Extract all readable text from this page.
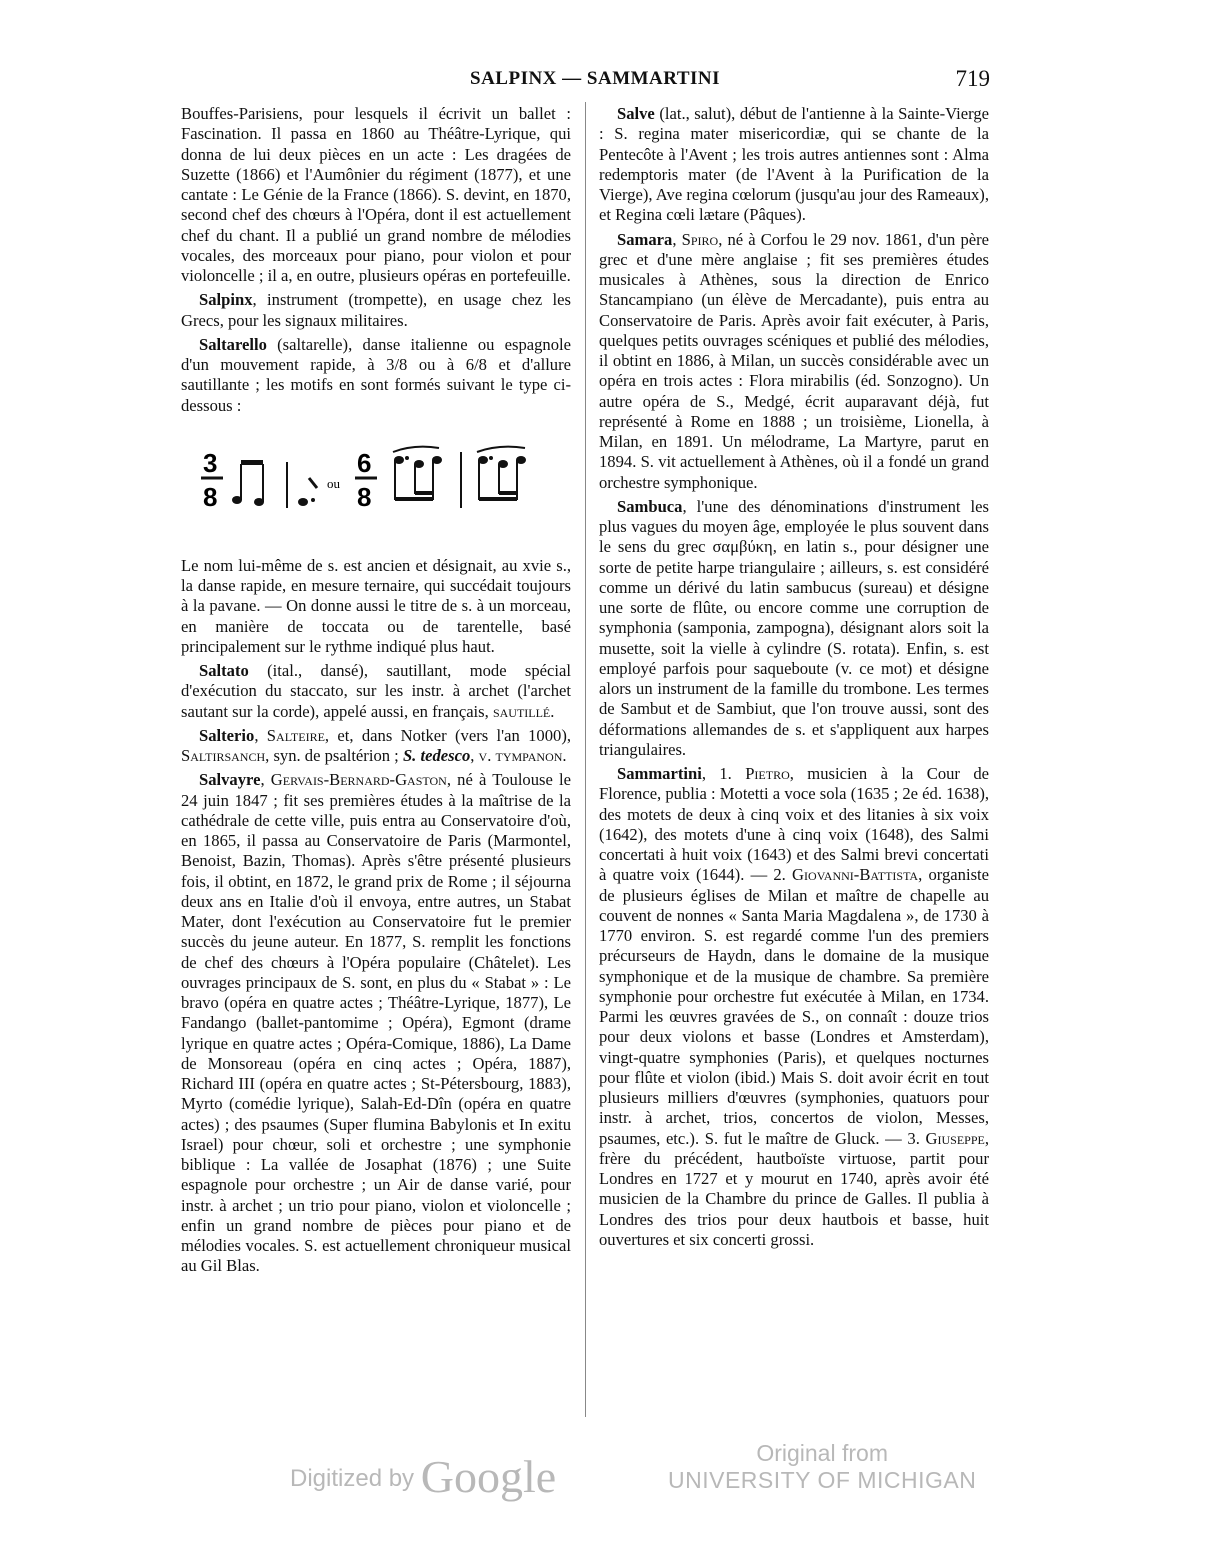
SALPINX — SAMMARTINI	719

Bouffes-Parisiens, pour lesquels il écrivit un ballet : Fascination. Il passa en 1860 au Théâtre-Lyrique, qui donna de lui deux pièces en un acte : Les dragées de Suzette (1866) et l'Aumônier du régiment (1877), et une cantate : Le Génie de la France (1866). S. devint, en 1870, second chef des chœurs à l'Opéra, dont il est actuellement chef du chant. Il a publié un grand nombre de mélodies vocales, des morceaux pour piano, pour violon et pour violoncelle ; il a, en outre, plusieurs opéras en portefeuille.

Salpinx, instrument (trompette), en usage chez les Grecs, pour les signaux militaires.

Saltarello (saltarelle), danse italienne ou espagnole d'un mouvement rapide, à 3/8 ou à 6/8 et d'allure sautillante ; les motifs en sont formés suivant le type ci-dessous :

3
8	ou
6
8

Le nom lui-même de s. est ancien et désignait, au xvie s., la danse rapide, en mesure ternaire, qui succédait toujours à la pavane. — On donne aussi le titre de s. à un morceau, en manière de toccata ou de tarentelle, basé principalement sur le rythme indiqué plus haut.

Saltato (ital., dansé), sautillant, mode spécial d'exécution du staccato, sur les instr. à archet (l'archet sautant sur la corde), appelé aussi, en français, sautillé.

Salterio, Salteire, et, dans Notker (vers l'an 1000), Saltirsanch, syn. de psaltérion ; S. tedesco, v. tympanon.

Salvayre, Gervais-Bernard-Gaston, né à Toulouse le 24 juin 1847 ; fit ses premières études à la maîtrise de la cathédrale de cette ville, puis entra au Conservatoire d'où, en 1865, il passa au Conservatoire de Paris (Marmontel, Benoist, Bazin, Thomas). Après s'être présenté plusieurs fois, il obtint, en 1872, le grand prix de Rome ; il séjourna deux ans en Italie d'où il envoya, entre autres, un Stabat Mater, dont l'exécution au Conservatoire fut le premier succès du jeune auteur. En 1877, S. remplit les fonctions de chef des chœurs à l'Opéra populaire (Châtelet). Les ouvrages principaux de S. sont, en plus du « Stabat » : Le bravo (opéra en quatre actes ; Théâtre-Lyrique, 1877), Le Fandango (ballet-pantomime ; Opéra), Egmont (drame lyrique en quatre actes ; Opéra-Comique, 1886), La Dame de Monsoreau (opéra en cinq actes ; Opéra, 1887), Richard III (opéra en quatre actes ; St-Pétersbourg, 1883), Myrto (comédie lyrique), Salah-Ed-Dîn (opéra en quatre actes) ; des psaumes (Super flumina Babylonis et In exitu Israel) pour chœur, soli et orchestre ; une symphonie biblique : La vallée de Josaphat (1876) ; une Suite espagnole pour orchestre ; un Air de danse varié, pour instr. à archet ; un trio pour piano, violon et violoncelle ; enfin un grand nombre de pièces pour piano et de mélodies vocales. S. est actuellement chroniqueur musical au Gil Blas.

Salve (lat., salut), début de l'antienne à la Sainte-Vierge : S. regina mater misericordiæ, qui se chante de la Pentecôte à l'Avent ; les trois autres antiennes sont : Alma redemptoris mater (de l'Avent à la Purification de la Vierge), Ave regina cœlorum (jusqu'au jour des Rameaux), et Regina cœli lætare (Pâques).

Samara, Spiro, né à Corfou le 29 nov. 1861, d'un père grec et d'une mère anglaise ; fit ses premières études musicales à Athènes, sous la direction de Enrico Stancampiano (un élève de Mercadante), puis entra au Conservatoire de Paris. Après avoir fait exécuter, à Paris, quelques petits ouvrages scéniques et publié des mélodies, il obtint en 1886, à Milan, un succès considérable avec un opéra en trois actes : Flora mirabilis (éd. Sonzogno). Un autre opéra de S., Medgé, écrit auparavant déjà, fut représenté à Rome en 1888 ; un troisième, Lionella, à Milan, en 1891. Un mélodrame, La Martyre, parut en 1894. S. vit actuellement à Athènes, où il a fondé un grand orchestre symphonique.

Sambuca, l'une des dénominations d'instrument les plus vagues du moyen âge, employée le plus souvent dans le sens du grec σαμβύκη, en latin s., pour désigner une sorte de petite harpe triangulaire ; ailleurs, s. est considéré comme un dérivé du latin sambucus (sureau) et désigne une sorte de flûte, ou encore comme une corruption de symphonia (samponia, zampogna), désignant alors soit la musette, soit la vielle à cylindre (S. rotata). Enfin, s. est employé parfois pour saqueboute (v. ce mot) et désigne alors un instrument de la famille du trombone. Les termes de Sambut et de Sambiut, que l'on trouve aussi, sont des déformations allemandes de s. et s'appliquent aux harpes triangulaires.

Sammartini, 1. Pietro, musicien à la Cour de Florence, publia : Motetti a voce sola (1635 ; 2e éd. 1638), des motets de deux à cinq voix et des litanies à six voix (1642), des motets d'une à cinq voix (1648), des Salmi concertati à huit voix (1643) et des Salmi brevi concertati à quatre voix (1644). — 2. Giovanni-Battista, organiste de plusieurs églises de Milan et maître de chapelle au couvent de nonnes « Santa Maria Magdalena », de 1730 à 1770 environ. S. est regardé comme l'un des premiers précurseurs de Haydn, dans le domaine de la musique symphonique et de la musique de chambre. Sa première symphonie pour orchestre fut exécutée à Milan, en 1734. Parmi les œuvres gravées de S., on connaît : douze trios pour deux violons et basse (Londres et Amsterdam), vingt-quatre symphonies (Paris), et quelques nocturnes pour flûte et violon (ibid.) Mais S. doit avoir écrit en tout plusieurs milliers d'œuvres (symphonies, quatuors pour instr. à archet, trios, concertos de violon, Messes, psaumes, etc.). S. fut le maître de Gluck. — 3. Giuseppe, frère du précédent, hautboïste virtuose, partit pour Londres en 1727 et y mourut en 1740, après avoir été musicien de la Chambre du prince de Galles. Il publia à Londres des trios pour deux hautbois et basse, huit ouvertures et six concerti grossi.

Digitized by Google	Original from
UNIVERSITY OF MICHIGAN
